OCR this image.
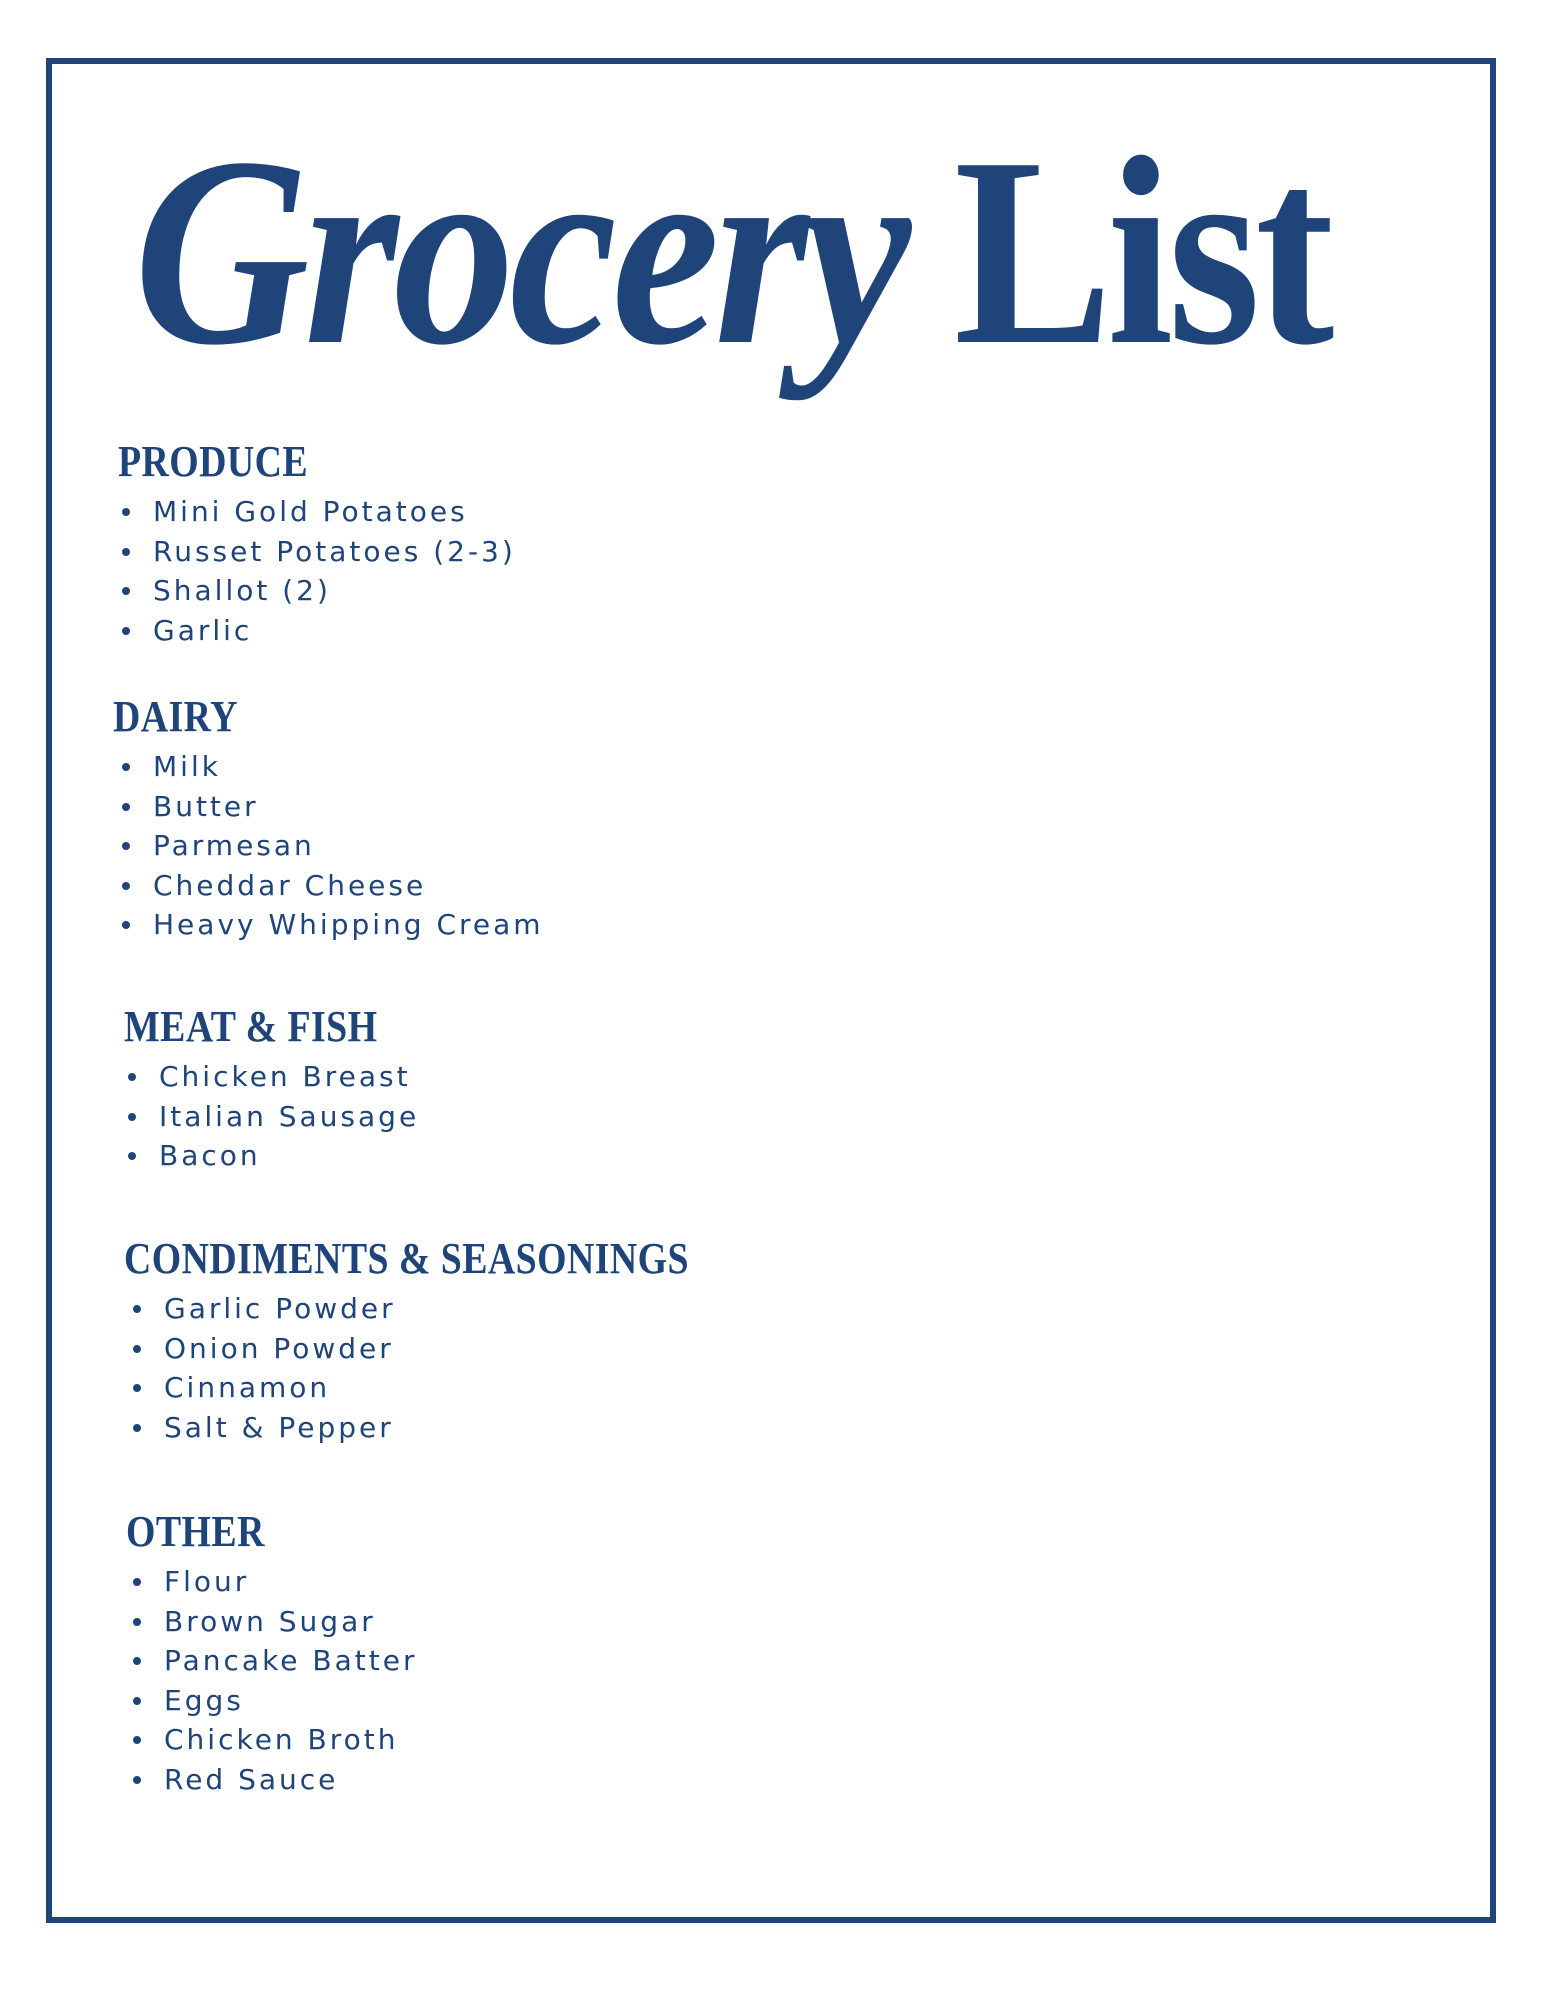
Grocery List
PRODUCE
Mini Gold Potatoes
Russet Potatoes (2-3)
Shallot (2)
Garlic
DAIRY
Milk
Butter
Parmesan
Cheddar Cheese
Heavy Whipping Cream
MEAT & FISH
Chicken Breast
Italian Sausage
Bacon
CONDIMENTS & SEASONINGS
Garlic Powder
Onion Powder
Cinnamon
Salt & Pepper
OTHER
Flour
Brown Sugar
Pancake Batter
Eggs
Chicken Broth
Red Sauce
